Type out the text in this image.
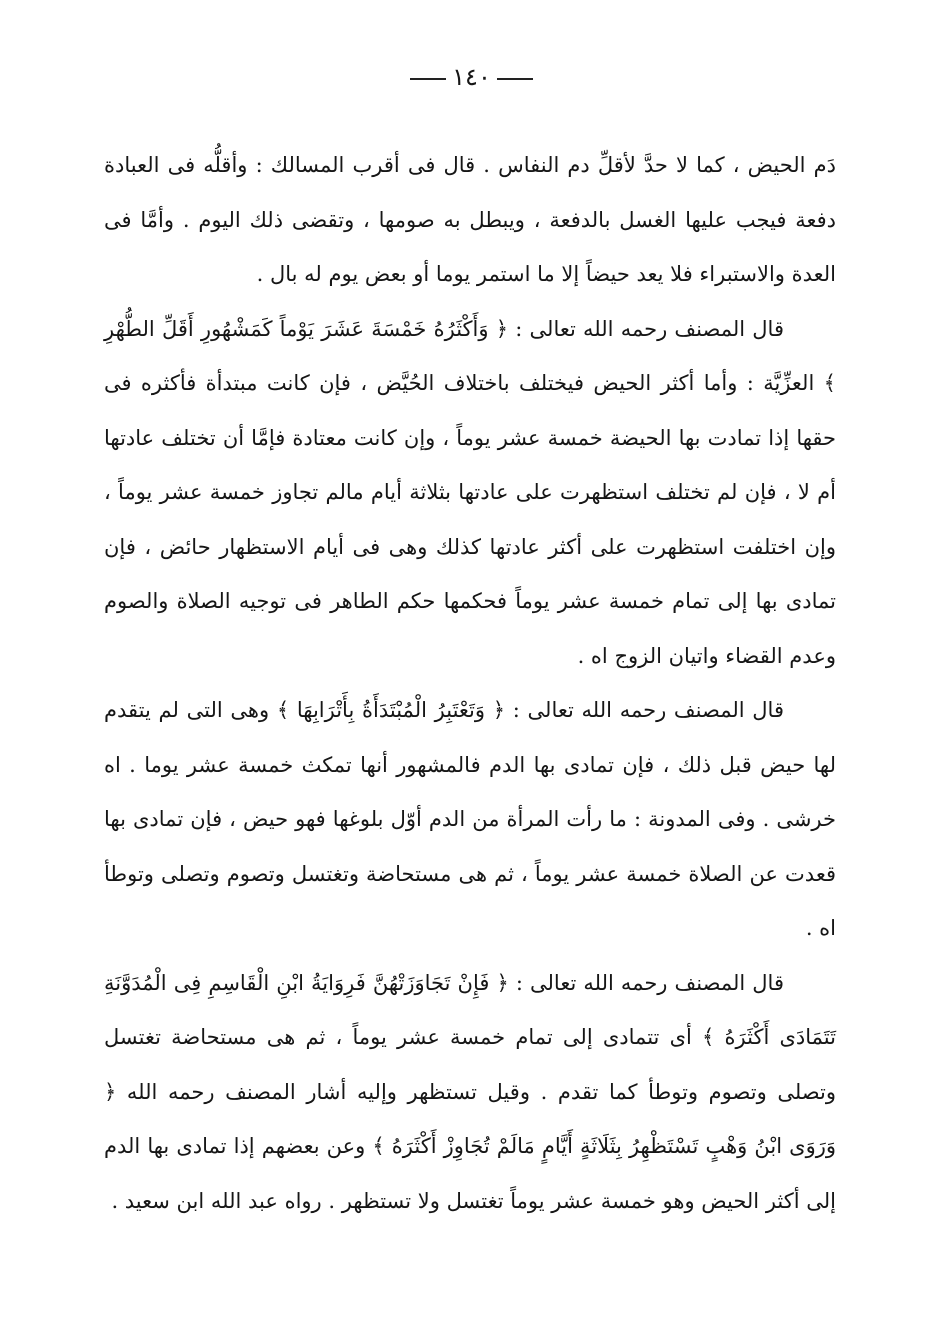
١٤٠

دَم الحيض ، كما لا حدَّ لأقلِّ دم النفاس . قال فى أقرب المسالك : وأقلُّه فى العبادة دفعة فيجب عليها الغسل بالدفعة ، ويبطل به صومها ، وتقضى ذلك اليوم . وأمَّا فى العدة والاستبراء فلا يعد حيضاً إلا ما استمر يوما أو بعض يوم له بال .

قال المصنف رحمه الله تعالى : ﴿ وَأَكْثَرُهُ خَمْسَةَ عَشَرَ يَوْماً كَمَشْهُورِ أَقَلِّ الطُّهْرِ ﴾ العزِّيَّة : وأما أكثر الحيض فيختلف باختلاف الحُيَّض ، فإن كانت مبتدأة فأكثره فى حقها إذا تمادت بها الحيضة خمسة عشر يوماً ، وإن كانت معتادة فإمَّا أن تختلف عادتها أم لا ، فإن لم تختلف استظهرت على عادتها بثلاثة أيام مالم تجاوز خمسة عشر يوماً ، وإن اختلفت استظهرت على أكثر عادتها كذلك وهى فى أيام الاستظهار حائض ، فإن تمادى بها إلى تمام خمسة عشر يوماً فحكمها حكم الطاهر فى توجيه الصلاة والصوم وعدم القضاء واتيان الزوج اه .

قال المصنف رحمه الله تعالى : ﴿ وَتَعْتَبِرُ الْمُبْتَدَأَةُ بِأَتْرَابِهَا ﴾ وهى التى لم يتقدم لها حيض قبل ذلك ، فإن تمادى بها الدم فالمشهور أنها تمكث خمسة عشر يوما . اه خرشى . وفى المدونة : ما رأت المرأة من الدم أوّل بلوغها فهو حيض ، فإن تمادى بها قعدت عن الصلاة خمسة عشر يوماً ، ثم هى مستحاضة وتغتسل وتصوم وتصلى وتوطأ اه .

قال المصنف رحمه الله تعالى : ﴿ فَإِنْ تَجَاوَزَتْهُنَّ فَرِوَايَةُ ابْنِ الْقَاسِمِ فِى الْمُدَوَّنَةِ تَتَمَادَى أَكْثَرَهُ ﴾ أى تتمادى إلى تمام خمسة عشر يوماً ، ثم هى مستحاضة تغتسل وتصلى وتصوم وتوطأ كما تقدم . وقيل تستظهر وإليه أشار المصنف رحمه الله ﴿ وَرَوَى ابْنُ وَهْبٍ تَسْتَظْهِرُ بِثَلَاثَةٍ أَيَّامٍ مَالَمْ تُجَاوِزْ أَكْثَرَهُ ﴾ وعن بعضهم إذا تمادى بها الدم إلى أكثر الحيض وهو خمسة عشر يوماً تغتسل ولا تستظهر . رواه عبد الله ابن سعيد .
